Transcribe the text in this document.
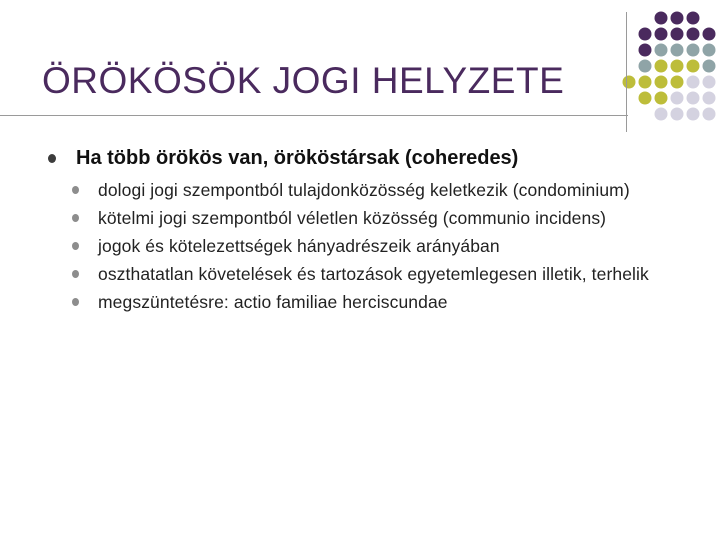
ÖRÖKÖSÖK JOGI HELYZETE
Ha több örökös van, örököstársak (coheredes)
dologi jogi szempontból tulajdonközösség keletkezik (condominium)
kötelmi jogi szempontból véletlen közösség (communio incidens)
jogok és kötelezettségek hányadrészeik arányában
oszthatatlan követelések és tartozások egyetemlegesen illetik, terhelik
megszüntetésre: actio familiae herciscundae
